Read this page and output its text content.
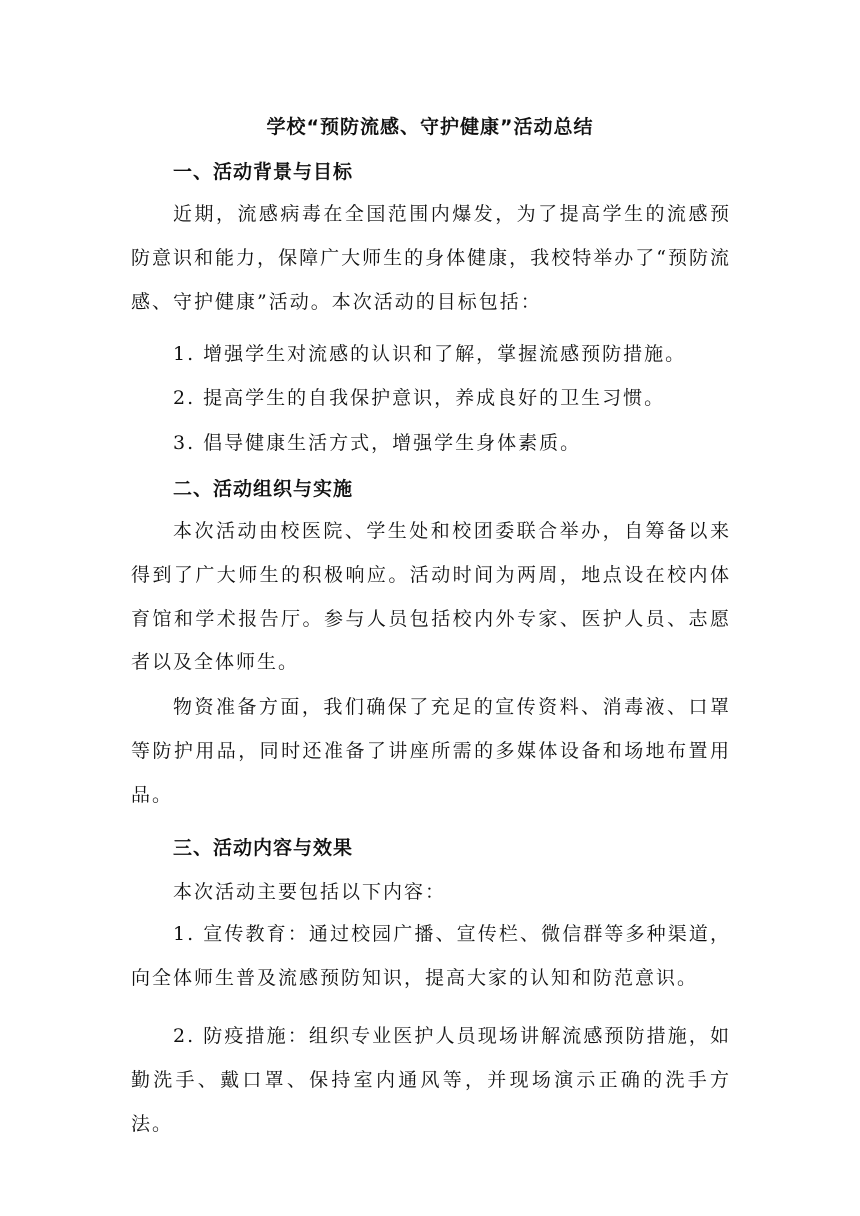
学校“预防流感、守护健康”活动总结
一、活动背景与目标
近期，流感病毒在全国范围内爆发，为了提高学生的流感预防意识和能力，保障广大师生的身体健康，我校特举办了“预防流感、守护健康”活动。本次活动的目标包括：
1. 增强学生对流感的认识和了解，掌握流感预防措施。
2. 提高学生的自我保护意识，养成良好的卫生习惯。
3. 倡导健康生活方式，增强学生身体素质。
二、活动组织与实施
本次活动由校医院、学生处和校团委联合举办，自筹备以来得到了广大师生的积极响应。活动时间为两周，地点设在校内体育馆和学术报告厅。参与人员包括校内外专家、医护人员、志愿者以及全体师生。
物资准备方面，我们确保了充足的宣传资料、消毒液、口罩等防护用品，同时还准备了讲座所需的多媒体设备和场地布置用品。
三、活动内容与效果
本次活动主要包括以下内容：
1. 宣传教育：通过校园广播、宣传栏、微信群等多种渠道，向全体师生普及流感预防知识，提高大家的认知和防范意识。
2. 防疫措施：组织专业医护人员现场讲解流感预防措施，如勤洗手、戴口罩、保持室内通风等，并现场演示正确的洗手方法。
